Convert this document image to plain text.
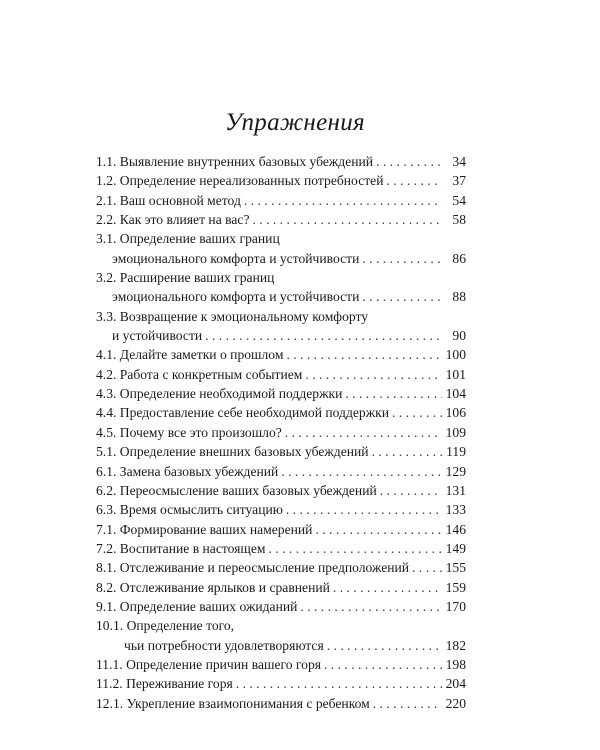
Упражнения
1.1. Выявление внутренних базовых убеждений . . .	34
1.2. Определение нереализованных потребностей . . .	37
2.1. Ваш основной метод . . .	54
2.2. Как это влияет на вас? . . .	58
3.1. Определение ваших границ
эмоционального комфорта и устойчивости . . .	86
3.2. Расширение ваших границ
эмоционального комфорта и устойчивости . . .	88
3.3. Возвращение к эмоциональному комфорту
и устойчивости . . .	90
4.1. Делайте заметки о прошлом . . .	100
4.2. Работа с конкретным событием . . .	101
4.3. Определение необходимой поддержки . . .	104
4.4. Предоставление себе необходимой поддержки . . .	106
4.5. Почему все это произошло? . . .	109
5.1. Определение внешних базовых убеждений . . .	119
6.1. Замена базовых убеждений . . .	129
6.2. Переосмысление ваших базовых убеждений . . .	131
6.3. Время осмыслить ситуацию . . .	133
7.1. Формирование ваших намерений . . .	146
7.2. Воспитание в настоящем . . .	149
8.1. Отслеживание и переосмысление предположений . . .	155
8.2. Отслеживание ярлыков и сравнений . . .	159
9.1. Определение ваших ожиданий . . .	170
10.1. Определение того,
чьи потребности удовлетворяются . . .	182
11.1. Определение причин вашего горя . . .	198
11.2. Переживание горя . . .	204
12.1. Укрепление взаимопонимания с ребенком . . .	220
